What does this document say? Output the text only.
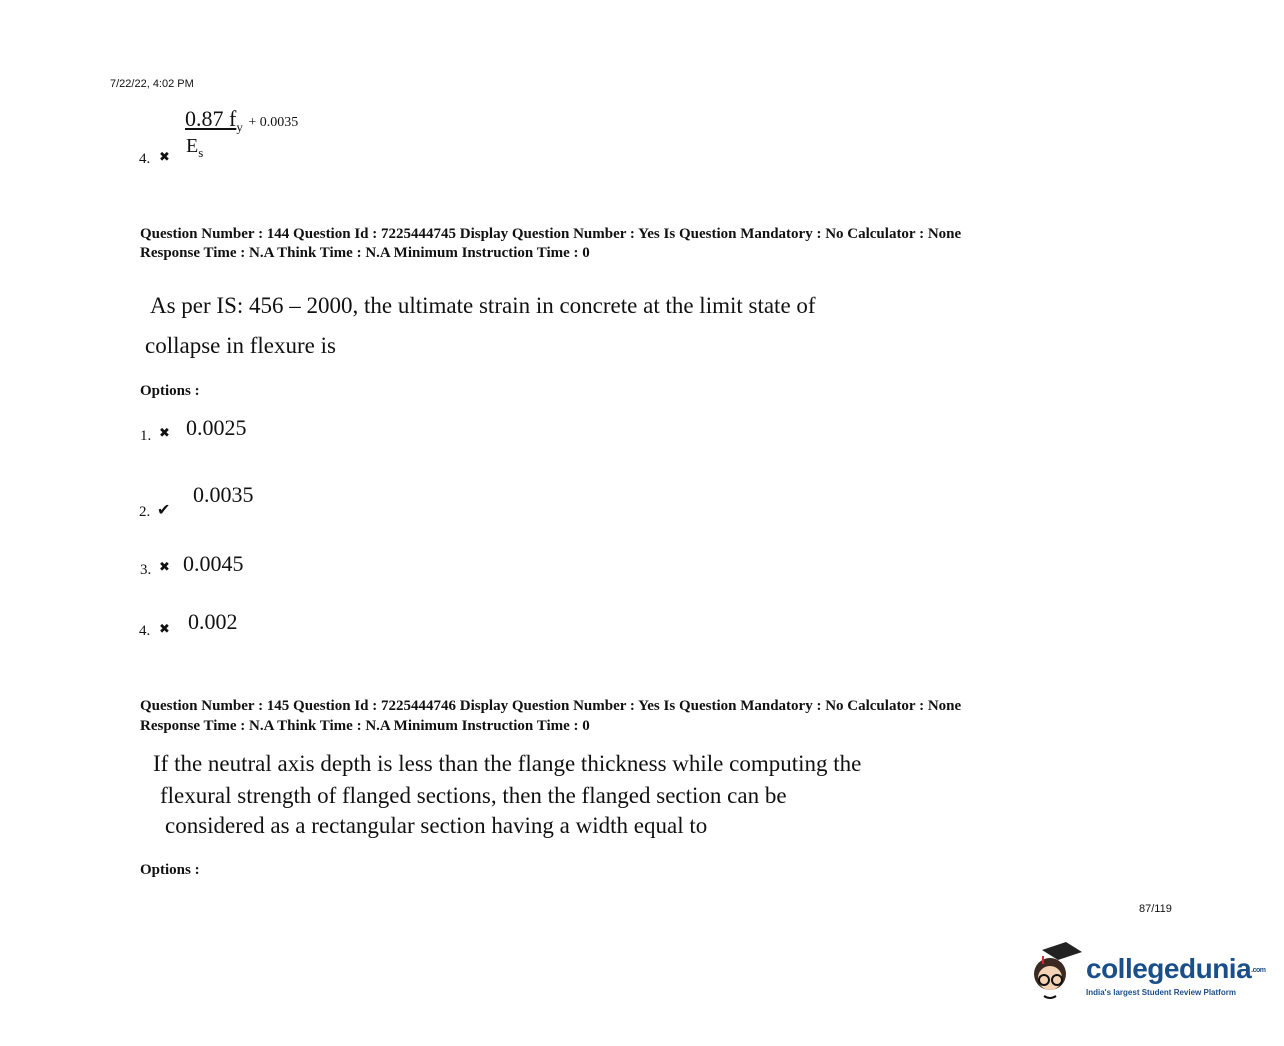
7/22/22, 4:02 PM
0.87 $f_y + 0.0035$
$E_s$
4. ✖
Question Number : 144 Question Id : 7225444745 Display Question Number : Yes Is Question Mandatory : No Calculator : None
Response Time : N.A Think Time : N.A Minimum Instruction Time : 0
As per IS: 456 – 2000, the ultimate strain in concrete at the limit state of
collapse in flexure is
Options :
1. ✖ 0.0025
2. ✔
0.0035
3. ✖ 0.0045
4. ✖ 0.002
Question Number : 145 Question Id : 7225444746 Display Question Number : Yes Is Question Mandatory : No Calculator : None
Response Time : N.A Think Time : N.A Minimum Instruction Time : 0
If the neutral axis depth is less than the flange thickness while computing the
flexural strength of flanged sections, then the flanged section can be
considered as a rectangular section having a width equal to
Options :
87/119
collegedunia.com
India's largest Student Review Platform
